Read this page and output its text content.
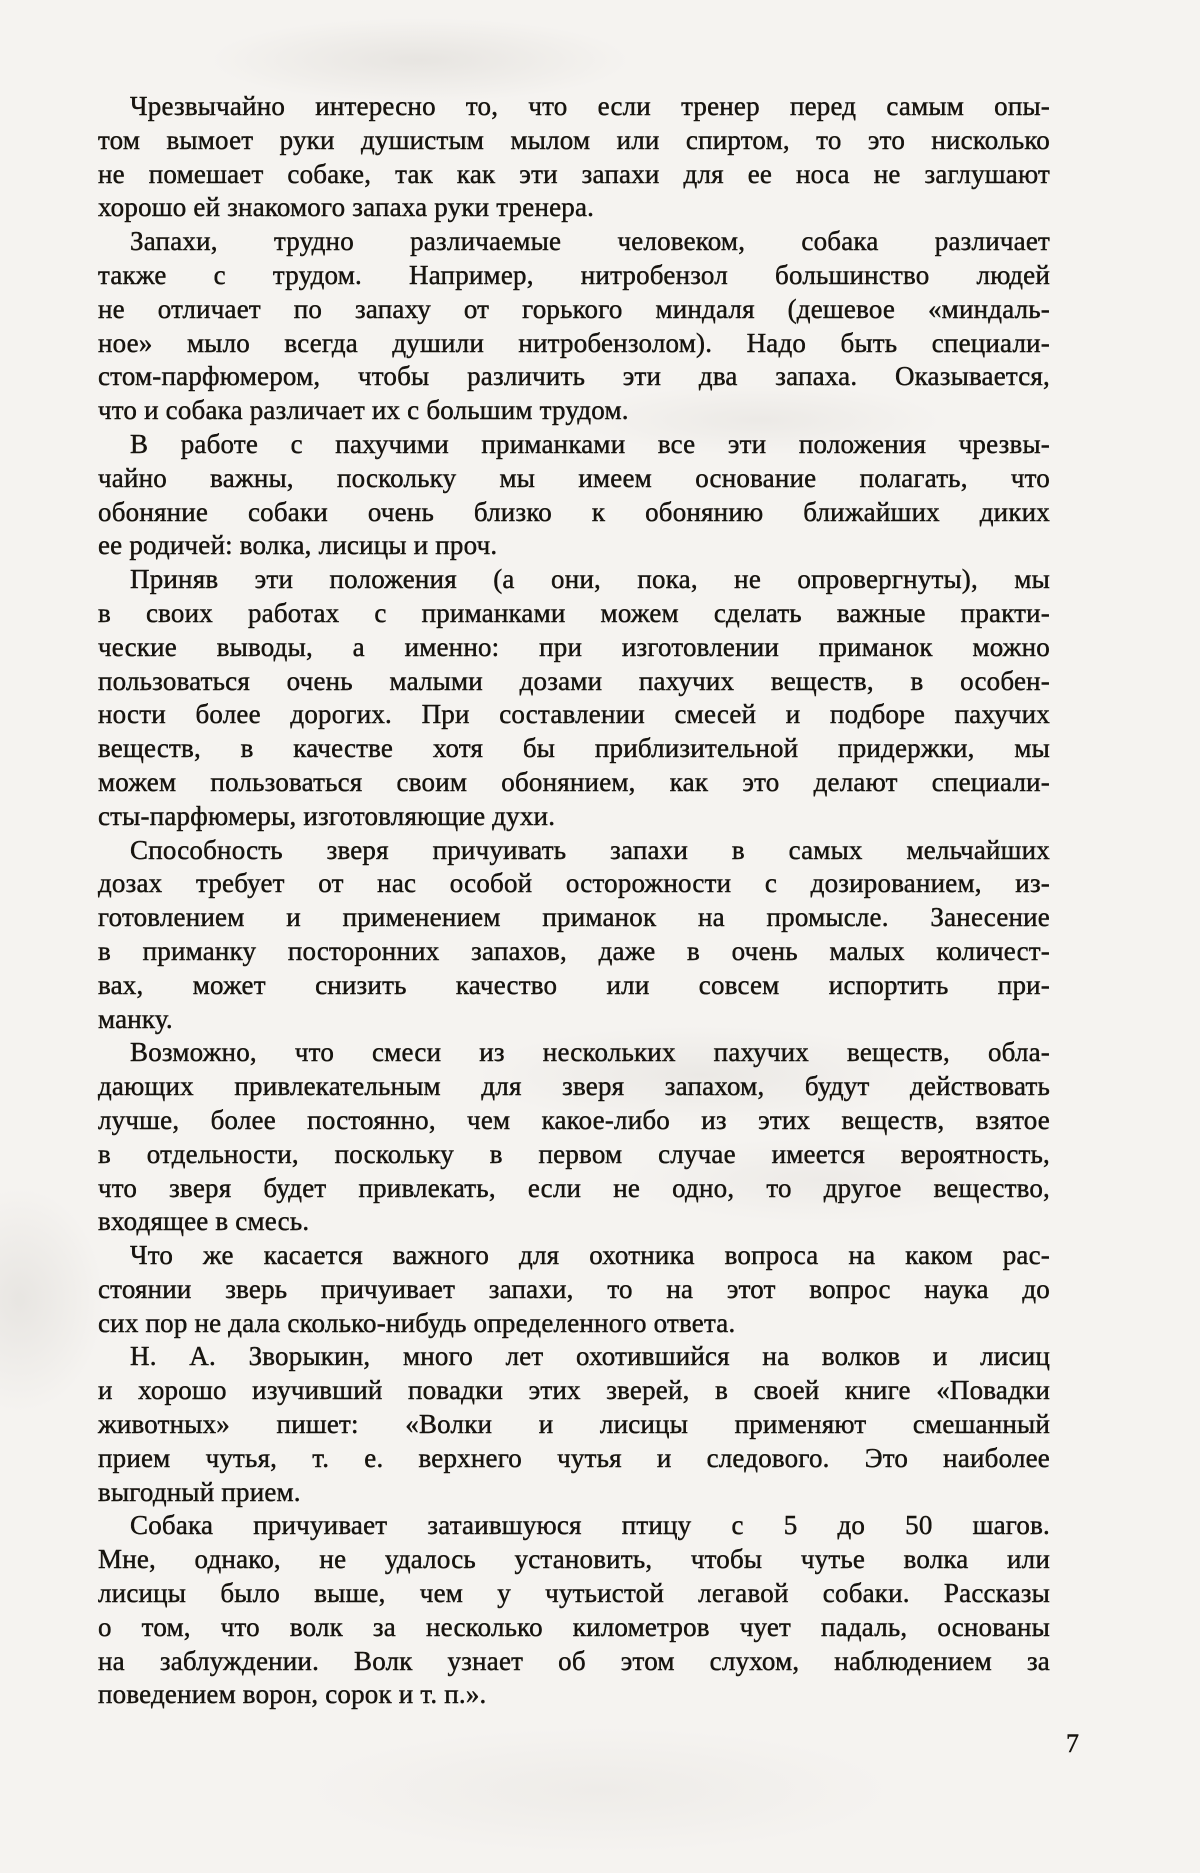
Чрезвычайно интересно то, что если тренер перед самым опы-
том вымоет руки душистым мылом или спиртом, то это нисколько
не помешает собаке, так как эти запахи для ее носа не заглушают
хорошо ей знакомого запаха руки тренера.
Запахи, трудно различаемые человеком, собака различает
также с трудом. Например, нитробензол большинство людей
не отличает по запаху от горького миндаля (дешевое «миндаль-
ное» мыло всегда душили нитробензолом). Надо быть специали-
стом-парфюмером, чтобы различить эти два запаха. Оказывается,
что и собака различает их с большим трудом.
В работе с пахучими приманками все эти положения чрезвы-
чайно важны, поскольку мы имеем основание полагать, что
обоняние собаки очень близко к обонянию ближайших диких
ее родичей: волка, лисицы и проч.
Приняв эти положения (а они, пока, не опровергнуты), мы
в своих работах с приманками можем сделать важные практи-
ческие выводы, а именно: при изготовлении приманок можно
пользоваться очень малыми дозами пахучих веществ, в особен-
ности более дорогих. При составлении смесей и подборе пахучих
веществ, в качестве хотя бы приблизительной придержки, мы
можем пользоваться своим обонянием, как это делают специали-
сты-парфюмеры, изготовляющие духи.
Способность зверя причуивать запахи в самых мельчайших
дозах требует от нас особой осторожности с дозированием, из-
готовлением и применением приманок на промысле. Занесение
в приманку посторонних запахов, даже в очень малых количест-
вах, может снизить качество или совсем испортить при-
манку.
Возможно, что смеси из нескольких пахучих веществ, обла-
дающих привлекательным для зверя запахом, будут действовать
лучше, более постоянно, чем какое-либо из этих веществ, взятое
в отдельности, поскольку в первом случае имеется вероятность,
что зверя будет привлекать, если не одно, то другое вещество,
входящее в смесь.
Что же касается важного для охотника вопроса на каком рас-
стоянии зверь причуивает запахи, то на этот вопрос наука до
сих пор не дала сколько-нибудь определенного ответа.
Н. А. Зворыкин, много лет охотившийся на волков и лисиц
и хорошо изучивший повадки этих зверей, в своей книге «Повадки
животных» пишет: «Волки и лисицы применяют смешанный
прием чутья, т. е. верхнего чутья и следового. Это наиболее
выгодный прием.
Собака причуивает затаившуюся птицу с 5 до 50 шагов.
Мне, однако, не удалось установить, чтобы чутье волка или
лисицы было выше, чем у чутьистой легавой собаки. Рассказы
о том, что волк за несколько километров чует падаль, основаны
на заблуждении. Волк узнает об этом слухом, наблюдением за
поведением ворон, сорок и т. п.».
7
